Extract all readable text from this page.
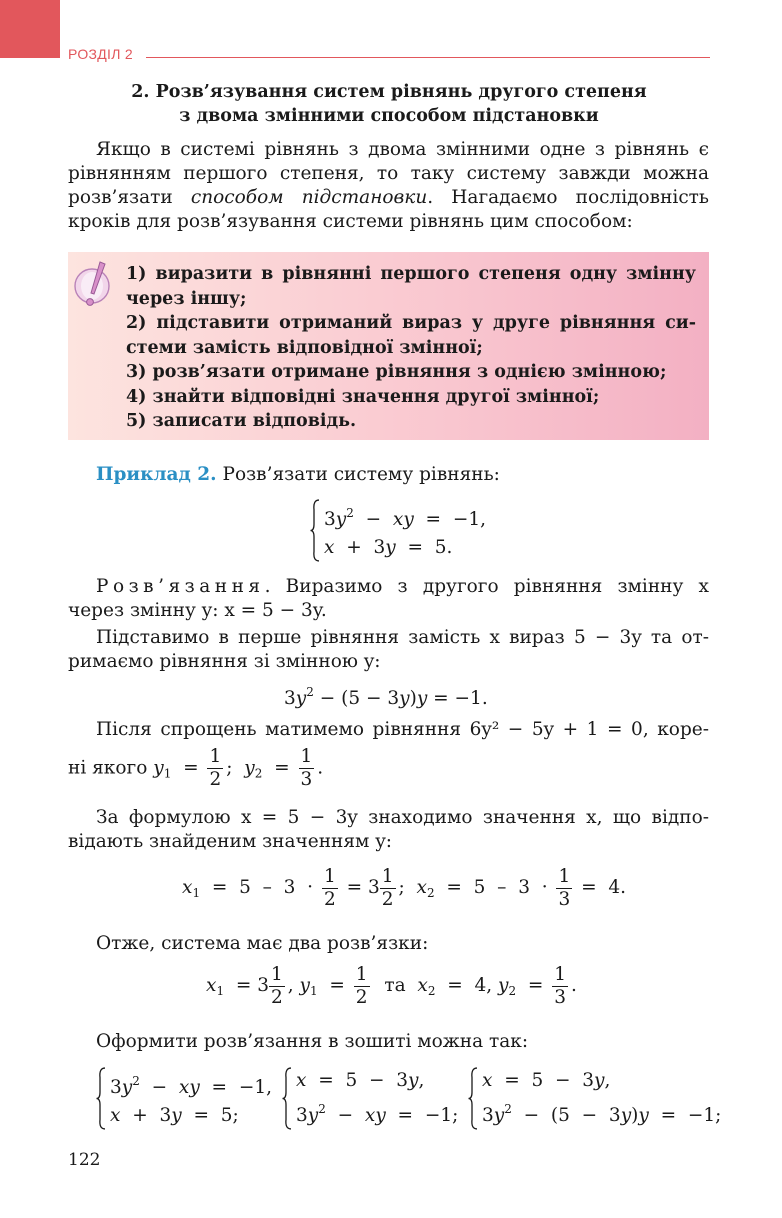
РОЗДІЛ 2
2. Розв’язування систем рівнянь другого степеня
з двома змінними способом підстановки
Якщо в системі рівнянь з двома змінними одне з рівнянь є
рівнянням першого степеня, то таку систему завжди можна
розв’язати способом підстановки. Нагадаємо послідовність
кроків для розв’язування системи рівнянь цим способом:
1) виразити в рівнянні першого степеня одну змінну
через іншу;
2) підставити отриманий вираз у друге рівняння си-
стеми замість відповідної змінної;
3) розв’язати отримане рівняння з однією змінною;
4) знайти відповідні значення другої змінної;
5) записати відповідь.
Приклад 2. Розв’язати систему рівнянь:
$3y^2$  −  xy  =  −1,
x  +  3y  =  5.
Розв’язання. Виразимо з другого рівняння змінну x
через змінну y: x = 5 − 3y.
Підставимо в перше рівняння замість x вираз 5 − 3y та от-
римаємо рівняння зі змінною y:
$3y^2 - (5 - 3y)y = -1$.
Після спрощень матимемо рівняння 6y² − 5y + 1 = 0, коре-
ні якого $y_1 = \frac{1}{2}$ ;  $y_2 = \frac{1}{3}$ .
За формулою x = 5 − 3y знаходимо значення x, що відпо-
відають знайденим значенням y:
$x_1 = 5 - 3 \cdot \frac{1}{2} = 3 \frac{1}{2}$ ;  $x_2 = 5 - 3 \cdot \frac{1}{3} = 4$.
Отже, система має два розв’язки:
$x_1 = 3 \frac{1}{2}$ , $y_1 = \frac{1}{2}$ та $x_2 = 4$, $y_2 = \frac{1}{3}$ .
Оформити розв’язання в зошиті можна так:
$3y^2$  −  xy  =  −1,
x  +  3y  =  5;
x  =  5  −  3y,
$3y^2$  −  xy  =  −1;
x  =  5  −  3y,
$3y^2 - (5 - 3y)y = -1$;
122
